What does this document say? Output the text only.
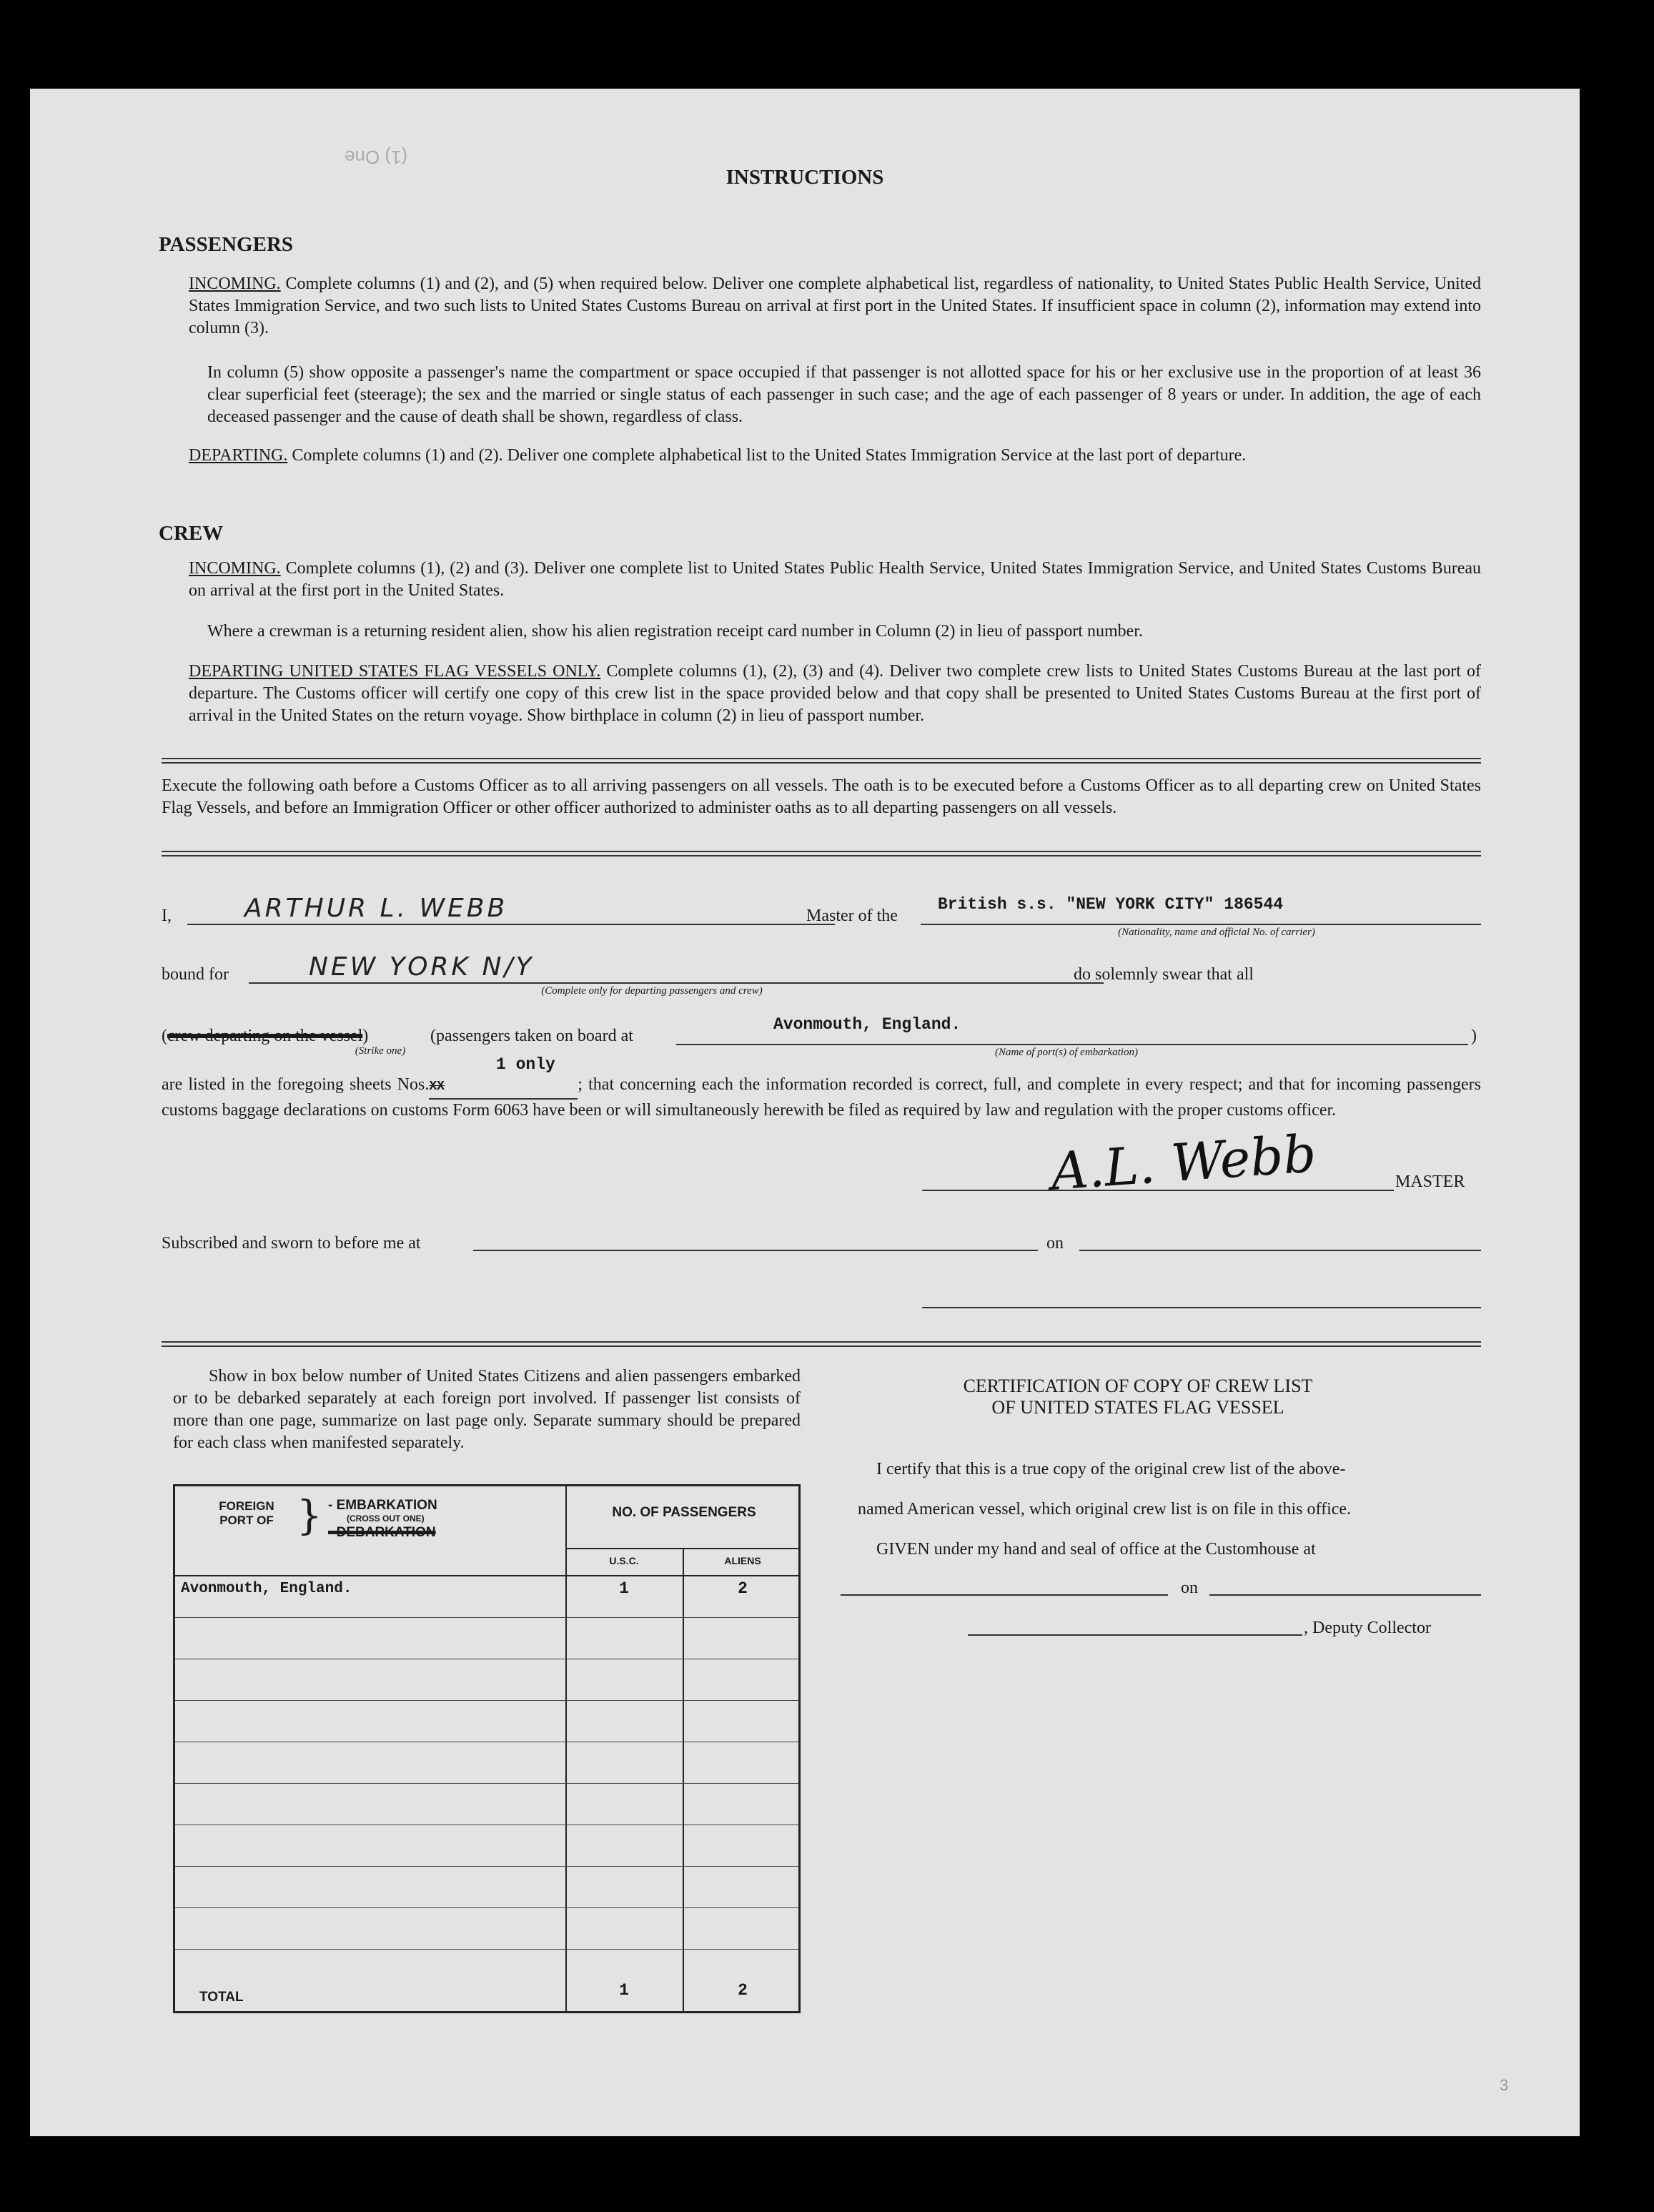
(1) One
INSTRUCTIONS
PASSENGERS
INCOMING. Complete columns (1) and (2), and (5) when required below. Deliver one complete alphabetical list, regardless of nationality, to United States Public Health Service, United States Immigration Service, and two such lists to United States Customs Bureau on arrival at first port in the United States. If insufficient space in column (2), information may extend into column (3).
In column (5) show opposite a passenger's name the compartment or space occupied if that passenger is not allotted space for his or her exclusive use in the proportion of at least 36 clear superficial feet (steerage); the sex and the married or single status of each passenger in such case; and the age of each passenger of 8 years or under. In addition, the age of each deceased passenger and the cause of death shall be shown, regardless of class.
DEPARTING. Complete columns (1) and (2). Deliver one complete alphabetical list to the United States Immigration Service at the last port of departure.
CREW
INCOMING. Complete columns (1), (2) and (3). Deliver one complete list to United States Public Health Service, United States Immigration Service, and United States Customs Bureau on arrival at the first port in the United States.
Where a crewman is a returning resident alien, show his alien registration receipt card number in Column (2) in lieu of passport number.
DEPARTING UNITED STATES FLAG VESSELS ONLY. Complete columns (1), (2), (3) and (4). Deliver two complete crew lists to United States Customs Bureau at the last port of departure. The Customs officer will certify one copy of this crew list in the space provided below and that copy shall be presented to United States Customs Bureau at the first port of arrival in the United States on the return voyage. Show birthplace in column (2) in lieu of passport number.
Execute the following oath before a Customs Officer as to all arriving passengers on all vessels. The oath is to be executed before a Customs Officer as to all departing crew on United States Flag Vessels, and before an Immigration Officer or other officer authorized to administer oaths as to all departing passengers on all vessels.
I,	ARTHUR L. WEBB	Master of the
British s.s. "NEW YORK CITY" 186544
(Nationality, name and official No. of carrier)
bound for	NEW YORK N/Y
(Complete only for departing passengers and crew)
do solemnly swear that all
(crew departing on the vessel)
(Strike one)
(passengers taken on board at
Avonmouth, England.
(Name of port(s) of embarkation)
)
1 only
are listed in the foregoing sheets Nos.XX	; that concerning each the information recorded is correct, full, and complete in every respect; and that for incoming passengers customs baggage declarations on customs Form 6063 have been or will simultaneously herewith be filed as required by law and regulation with the proper customs officer.
A.L. Webb	MASTER
Subscribed and sworn to before me at	on
Show in box below number of United States Citizens and alien passengers embarked or to be debarked separately at each foreign port involved. If passenger list consists of more than one page, summarize on last page only. Separate summary should be prepared for each class when manifested separately.
FOREIGN PORT OF } - EMBARKATION
(CROSS OUT ONE)
- DEBARKATION
NO. OF PASSENGERS
U.S.C.	ALIENS
Avonmouth, England.	1	2
TOTAL	1	2
CERTIFICATION OF COPY OF CREW LIST
OF UNITED STATES FLAG VESSEL
I certify that this is a true copy of the original crew list of the above-
named American vessel, which original crew list is on file in this office.
GIVEN under my hand and seal of office at the Customhouse at
on
, Deputy Collector
3
